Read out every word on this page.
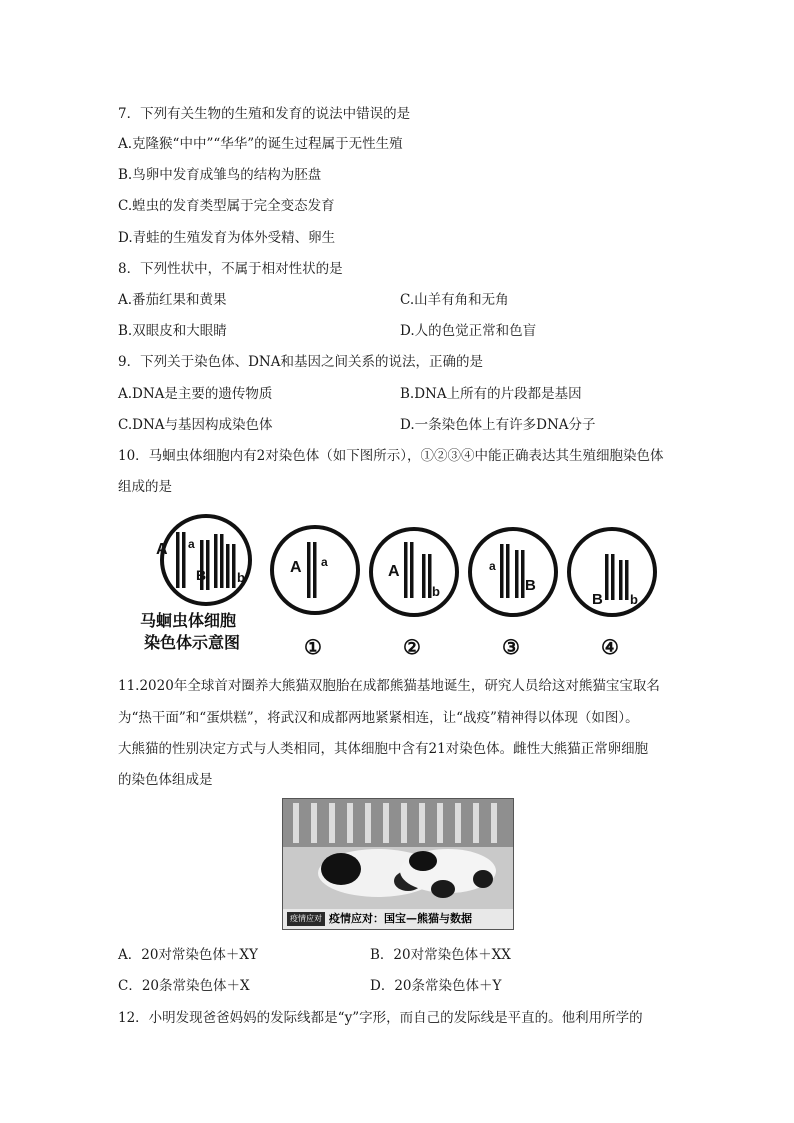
7．下列有关生物的生殖和发育的说法中错误的是
A.克隆猴“中中”“华华”的诞生过程属于无性生殖
B.鸟卵中发育成雏鸟的结构为胚盘
C.蝗虫的发育类型属于完全变态发育
D.青蛙的生殖发育为体外受精、卵生
8．下列性状中，不属于相对性状的是
A.番茄红果和黄果	C.山羊有角和无角
B.双眼皮和大眼睛	D.人的色觉正常和色盲
9．下列关于染色体、DNA和基因之间关系的说法，正确的是
A.DNA是主要的遗传物质	B.DNA上所有的片段都是基因
C.DNA与基因构成染色体	D.一条染色体上有许多DNA分子
10．马蛔虫体细胞内有2对染色体（如下图所示），①②③④中能正确表达其生殖细胞染色体
组成的是
A a
B b
马蛔虫体细胞
染色体示意图
A a
①
A
b
②
a
B
③
B b
④
11.2020年全球首对圈养大熊猫双胞胎在成都熊猫基地诞生，研究人员给这对熊猫宝宝取名
为“热干面”和“蛋烘糕”，将武汉和成都两地紧紧相连，让“战疫”精神得以体现（如图）。
大熊猫的性别决定方式与人类相同，其体细胞中含有21对染色体。雌性大熊猫正常卵细胞
的染色体组成是
疫情应对 疫情应对：国宝—熊猫与数据
A．20对常染色体＋XY	B．20对常染色体＋XX
C．20条常染色体＋X	D．20条常染色体＋Y
12．小明发现爸爸妈妈的发际线都是“y”字形，而自己的发际线是平直的。他利用所学的
